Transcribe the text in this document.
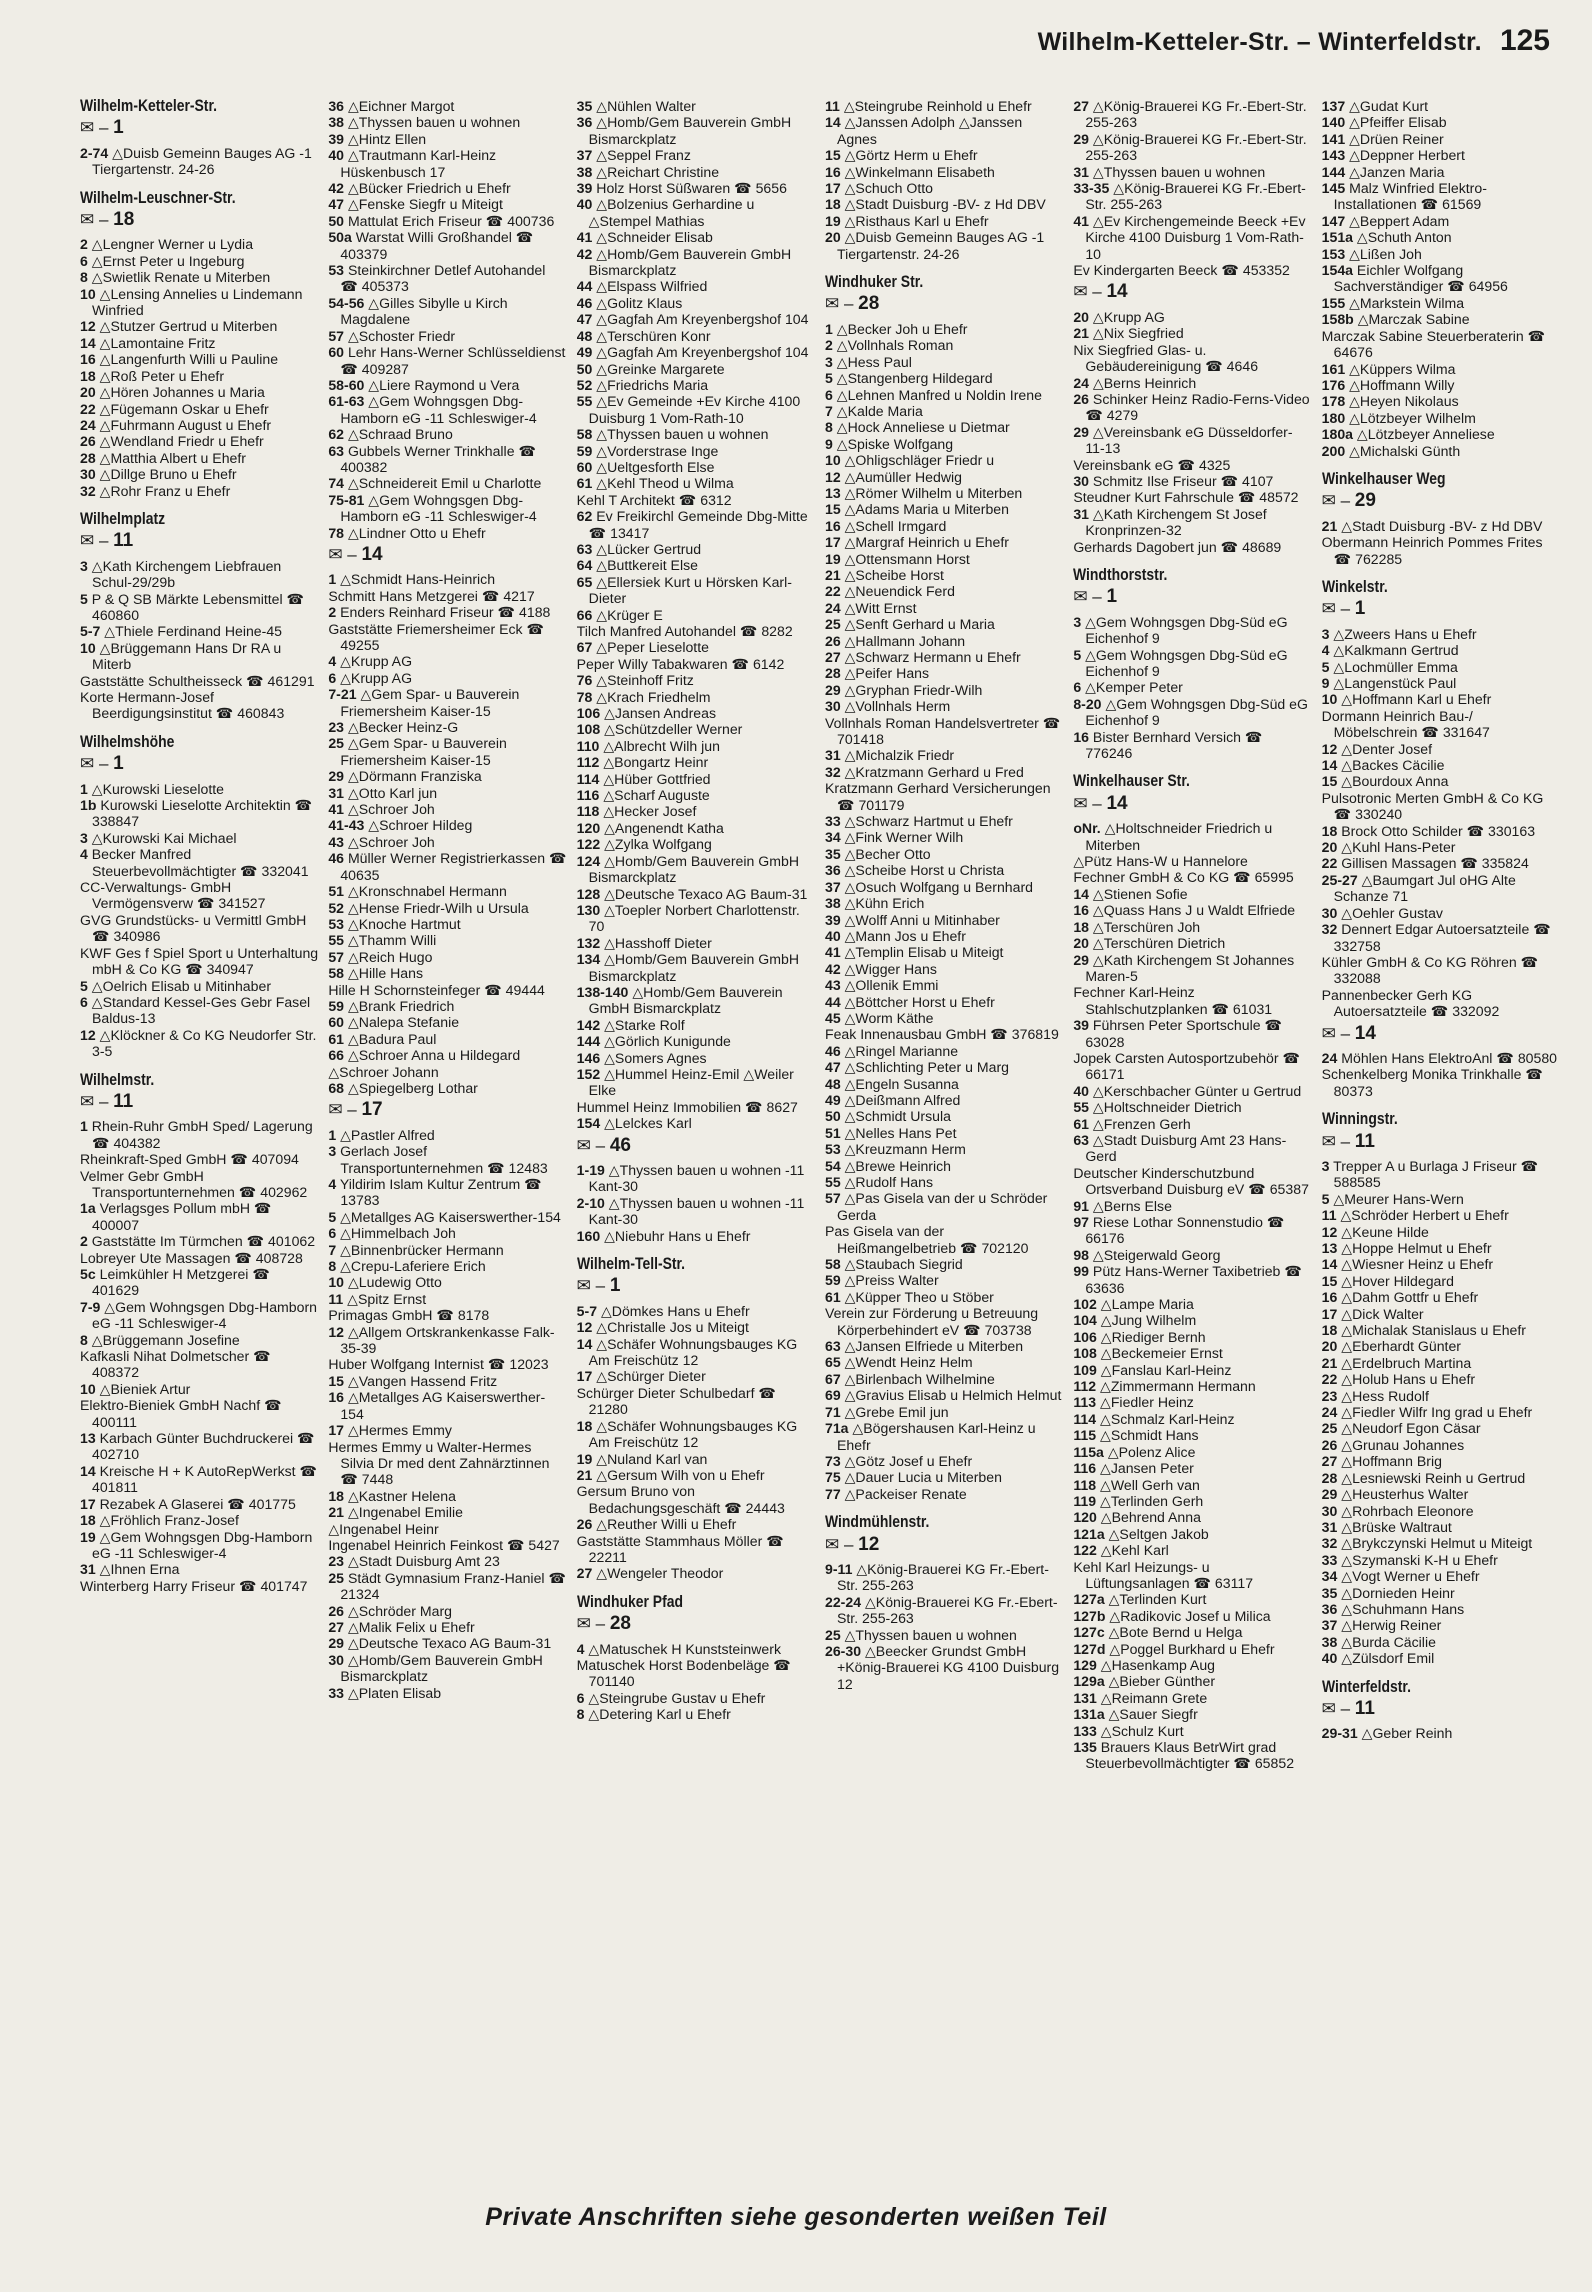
Wilhelm-Ketteler-Str. – Winterfeldstr. 125
Wilhelm-Ketteler-Str.
✉ – 1
2-74 △Duisb Gemeinn Bauges AG -1 Tiergartenstr. 24-26
Wilhelm-Leuschner-Str.
✉ – 18
2 △Lengner Werner u Lydia
6 △Ernst Peter u Ingeburg
8 △Swietlik Renate u Miterben
10 △Lensing Annelies u Lindemann Winfried
12 △Stutzer Gertrud u Miterben
14 △Lamontaine Fritz
16 △Langenfurth Willi u Pauline
18 △Roß Peter u Ehefr
20 △Hören Johannes u Maria
22 △Fügemann Oskar u Ehefr
24 △Fuhrmann August u Ehefr
26 △Wendland Friedr u Ehefr
28 △Matthia Albert u Ehefr
30 △Dillge Bruno u Ehefr
32 △Rohr Franz u Ehefr
Wilhelmplatz
✉ – 11
3 △Kath Kirchengem Liebfrauen Schul-29/29b
5 P & Q SB Märkte Lebensmittel ☎ 460860
5-7 △Thiele Ferdinand Heine-45
10 △Brüggemann Hans Dr RA u Miterb
Gaststätte Schultheisseck ☎ 461291
Korte Hermann-Josef Beerdigungsinstitut ☎ 460843
Wilhelmshöhe
✉ – 1
1 △Kurowski Lieselotte
1b Kurowski Lieselotte Architektin ☎ 338847
3 △Kurowski Kai Michael
4 Becker Manfred Steuerbevollmächtigter ☎ 332041
CC-Verwaltungs- GmbH Vermögensverw ☎ 341527
GVG Grundstücks- u Vermittl GmbH ☎ 340986
KWF Ges f Spiel Sport u Unterhaltung mbH & Co KG ☎ 340947
5 △Oelrich Elisab u Mitinhaber
6 △Standard Kessel-Ges Gebr Fasel Baldus-13
12 △Klöckner & Co KG Neudorfer Str. 3-5
Wilhelmstr.
✉ – 11
1 Rhein-Ruhr GmbH Sped/ Lagerung ☎ 404382
Rheinkraft-Sped GmbH ☎ 407094
Velmer Gebr GmbH Transportunternehmen ☎ 402962
1a Verlagsges Pollum mbH ☎ 400007
2 Gaststätte Im Türmchen ☎ 401062
Lobreyer Ute Massagen ☎ 408728
5c Leimkühler H Metzgerei ☎ 401629
7-9 △Gem Wohngsgen Dbg-Hamborn eG -11 Schleswiger-4
8 △Brüggemann Josefine
Kafkasli Nihat Dolmetscher ☎ 408372
10 △Bieniek Artur
Elektro-Bieniek GmbH Nachf ☎ 400111
13 Karbach Günter Buchdruckerei ☎ 402710
14 Kreische H + K AutoRepWerkst ☎ 401811
17 Rezabek A Glaserei ☎ 401775
18 △Fröhlich Franz-Josef
19 △Gem Wohngsgen Dbg-Hamborn eG -11 Schleswiger-4
31 △Ihnen Erna
Winterberg Harry Friseur ☎ 401747
36 △Eichner Margot
38 △Thyssen bauen u wohnen
39 △Hintz Ellen
40 △Trautmann Karl-Heinz Hüskenbusch 17
42 △Bücker Friedrich u Ehefr
47 △Fenske Siegfr u Miteigt
50 Mattulat Erich Friseur ☎ 400736
50a Warstat Willi Großhandel ☎ 403379
53 Steinkirchner Detlef Autohandel ☎ 405373
54-56 △Gilles Sibylle u Kirch Magdalene
57 △Schoster Friedr
60 Lehr Hans-Werner Schlüsseldienst ☎ 409287
58-60 △Liere Raymond u Vera
61-63 △Gem Wohngsgen Dbg-Hamborn eG -11 Schleswiger-4
62 △Schraad Bruno
63 Gubbels Werner Trinkhalle ☎ 400382
74 △Schneidereit Emil u Charlotte
75-81 △Gem Wohngsgen Dbg-Hamborn eG -11 Schleswiger-4
78 △Lindner Otto u Ehefr
✉ – 14
1 △Schmidt Hans-Heinrich
Schmitt Hans Metzgerei ☎ 4217
2 Enders Reinhard Friseur ☎ 4188
Gaststätte Friemersheimer Eck ☎ 49255
4 △Krupp AG
6 △Krupp AG
7-21 △Gem Spar- u Bauverein Friemersheim Kaiser-15
23 △Becker Heinz-G
25 △Gem Spar- u Bauverein Friemersheim Kaiser-15
29 △Dörmann Franziska
31 △Otto Karl jun
41 △Schroer Joh
41-43 △Schroer Hildeg
43 △Schroer Joh
46 Müller Werner Registrierkassen ☎ 40635
51 △Kronschnabel Hermann
52 △Hense Friedr-Wilh u Ursula
53 △Knoche Hartmut
55 △Thamm Willi
57 △Reich Hugo
58 △Hille Hans
Hille H Schornsteinfeger ☎ 49444
59 △Brank Friedrich
60 △Nalepa Stefanie
61 △Badura Paul
66 △Schroer Anna u Hildegard
△Schroer Johann
68 △Spiegelberg Lothar
✉ – 17
1 △Pastler Alfred
3 Gerlach Josef Transportunternehmen ☎ 12483
4 Yildirim Islam Kultur Zentrum ☎ 13783
5 △Metallges AG Kaiserswerther-154
6 △Himmelbach Joh
7 △Binnenbrücker Hermann
8 △Crepu-Laferiere Erich
10 △Ludewig Otto
11 △Spitz Ernst
Primagas GmbH ☎ 8178
12 △Allgem Ortskrankenkasse Falk-35-39
Huber Wolfgang Internist ☎ 12023
15 △Vangen Hassend Fritz
16 △Metallges AG Kaiserswerther-154
17 △Hermes Emmy
Hermes Emmy u Walter-Hermes Silvia Dr med dent Zahnärztinnen ☎ 7448
18 △Kastner Helena
21 △Ingenabel Emilie
△Ingenabel Heinr
Ingenabel Heinrich Feinkost ☎ 5427
23 △Stadt Duisburg Amt 23
25 Städt Gymnasium Franz-Haniel ☎ 21324
26 △Schröder Marg
27 △Malik Felix u Ehefr
29 △Deutsche Texaco AG Baum-31
30 △Homb/Gem Bauverein GmbH Bismarckplatz
33 △Platen Elisab
35 △Nühlen Walter
36 △Homb/Gem Bauverein GmbH Bismarckplatz
37 △Seppel Franz
38 △Reichart Christine
39 Holz Horst Süßwaren ☎ 5656
40 △Bolzenius Gerhardine u △Stempel Mathias
41 △Schneider Elisab
42 △Homb/Gem Bauverein GmbH Bismarckplatz
44 △Elspass Wilfried
46 △Golitz Klaus
47 △Gagfah Am Kreyenbergshof 104
48 △Terschüren Konr
49 △Gagfah Am Kreyenbergshof 104
50 △Greinke Margarete
52 △Friedrichs Maria
55 △Ev Gemeinde +Ev Kirche 4100 Duisburg 1 Vom-Rath-10
58 △Thyssen bauen u wohnen
59 △Vorderstrase Inge
60 △Ueltgesforth Else
61 △Kehl Theod u Wilma
Kehl T Architekt ☎ 6312
62 Ev Freikirchl Gemeinde Dbg-Mitte ☎ 13417
63 △Lücker Gertrud
64 △Buttkereit Else
65 △Ellersiek Kurt u Hörsken Karl-Dieter
66 △Krüger E
Tilch Manfred Autohandel ☎ 8282
67 △Peper Lieselotte
Peper Willy Tabakwaren ☎ 6142
76 △Steinhoff Fritz
78 △Krach Friedhelm
106 △Jansen Andreas
108 △Schützdeller Werner
110 △Albrecht Wilh jun
112 △Bongartz Heinr
114 △Hüber Gottfried
116 △Scharf Auguste
118 △Hecker Josef
120 △Angenendt Katha
122 △Zylka Wolfgang
124 △Homb/Gem Bauverein GmbH Bismarckplatz
128 △Deutsche Texaco AG Baum-31
130 △Toepler Norbert Charlottenstr. 70
132 △Hasshoff Dieter
134 △Homb/Gem Bauverein GmbH Bismarckplatz
138-140 △Homb/Gem Bauverein GmbH Bismarckplatz
142 △Starke Rolf
144 △Görlich Kunigunde
146 △Somers Agnes
152 △Hummel Heinz-Emil △Weiler Elke
Hummel Heinz Immobilien ☎ 8627
154 △Lelckes Karl
✉ – 46
1-19 △Thyssen bauen u wohnen -11 Kant-30
2-10 △Thyssen bauen u wohnen -11 Kant-30
160 △Niebuhr Hans u Ehefr
Wilhelm-Tell-Str.
✉ – 1
5-7 △Dömkes Hans u Ehefr
12 △Christalle Jos u Miteigt
14 △Schäfer Wohnungsbauges KG Am Freischütz 12
17 △Schürger Dieter
Schürger Dieter Schulbedarf ☎ 21280
18 △Schäfer Wohnungsbauges KG Am Freischütz 12
19 △Nuland Karl van
21 △Gersum Wilh von u Ehefr
Gersum Bruno von Bedachungsgeschäft ☎ 24443
26 △Reuther Willi u Ehefr
Gaststätte Stammhaus Möller ☎ 22211
27 △Wengeler Theodor
Windhuker Pfad
✉ – 28
4 △Matuschek H Kunststeinwerk
Matuschek Horst Bodenbeläge ☎ 701140
6 △Steingrube Gustav u Ehefr
8 △Detering Karl u Ehefr
11 △Steingrube Reinhold u Ehefr
14 △Janssen Adolph △Janssen Agnes
15 △Görtz Herm u Ehefr
16 △Winkelmann Elisabeth
17 △Schuch Otto
18 △Stadt Duisburg -BV- z Hd DBV
19 △Risthaus Karl u Ehefr
20 △Duisb Gemeinn Bauges AG -1 Tiergartenstr. 24-26
Windhuker Str.
✉ – 28
1 △Becker Joh u Ehefr
2 △Vollnhals Roman
3 △Hess Paul
5 △Stangenberg Hildegard
6 △Lehnen Manfred u Noldin Irene
7 △Kalde Maria
8 △Hock Anneliese u Dietmar
9 △Spiske Wolfgang
10 △Ohligschläger Friedr u
12 △Aumüller Hedwig
13 △Römer Wilhelm u Miterben
15 △Adams Maria u Miterben
16 △Schell Irmgard
17 △Margraf Heinrich u Ehefr
19 △Ottensmann Horst
21 △Scheibe Horst
22 △Neuendick Ferd
24 △Witt Ernst
25 △Senft Gerhard u Maria
26 △Hallmann Johann
27 △Schwarz Hermann u Ehefr
28 △Peifer Hans
29 △Gryphan Friedr-Wilh
30 △Vollnhals Herm
Vollnhals Roman Handelsvertreter ☎ 701418
31 △Michalzik Friedr
32 △Kratzmann Gerhard u Fred
Kratzmann Gerhard Versicherungen ☎ 701179
33 △Schwarz Hartmut u Ehefr
34 △Fink Werner Wilh
35 △Becher Otto
36 △Scheibe Horst u Christa
37 △Osuch Wolfgang u Bernhard
38 △Kühn Erich
39 △Wolff Anni u Mitinhaber
40 △Mann Jos u Ehefr
41 △Templin Elisab u Miteigt
42 △Wigger Hans
43 △Ollenik Emmi
44 △Böttcher Horst u Ehefr
45 △Worm Käthe
Feak Innenausbau GmbH ☎ 376819
46 △Ringel Marianne
47 △Schlichting Peter u Marg
48 △Engeln Susanna
49 △Deißmann Alfred
50 △Schmidt Ursula
51 △Nelles Hans Pet
53 △Kreuzmann Herm
54 △Brewe Heinrich
55 △Rudolf Hans
57 △Pas Gisela van der u Schröder Gerda
Pas Gisela van der Heißmangelbetrieb ☎ 702120
58 △Staubach Siegrid
59 △Preiss Walter
61 △Küpper Theo u Stöber
Verein zur Förderung u Betreuung Körperbehindert eV ☎ 703738
63 △Jansen Elfriede u Miterben
65 △Wendt Heinz Helm
67 △Birlenbach Wilhelmine
69 △Gravius Elisab u Helmich Helmut
71 △Grebe Emil jun
71a △Bögershausen Karl-Heinz u Ehefr
73 △Götz Josef u Ehefr
75 △Dauer Lucia u Miterben
77 △Packeiser Renate
Windmühlenstr.
✉ – 12
9-11 △König-Brauerei KG Fr.-Ebert-Str. 255-263
22-24 △König-Brauerei KG Fr.-Ebert-Str. 255-263
25 △Thyssen bauen u wohnen
26-30 △Beecker Grundst GmbH +König-Brauerei KG 4100 Duisburg 12
27 △König-Brauerei KG Fr.-Ebert-Str. 255-263
29 △König-Brauerei KG Fr.-Ebert-Str. 255-263
31 △Thyssen bauen u wohnen
33-35 △König-Brauerei KG Fr.-Ebert-Str. 255-263
41 △Ev Kirchengemeinde Beeck +Ev Kirche 4100 Duisburg 1 Vom-Rath-10
Ev Kindergarten Beeck ☎ 453352
✉ – 14
20 △Krupp AG
21 △Nix Siegfried
Nix Siegfried Glas- u. Gebäudereinigung ☎ 4646
24 △Berns Heinrich
26 Schinker Heinz Radio-Ferns-Video ☎ 4279
29 △Vereinsbank eG Düsseldorfer-11-13
Vereinsbank eG ☎ 4325
30 Schmitz Ilse Friseur ☎ 4107
Steudner Kurt Fahrschule ☎ 48572
31 △Kath Kirchengem St Josef Kronprinzen-32
Gerhards Dagobert jun ☎ 48689
Windthorststr.
✉ – 1
3 △Gem Wohngsgen Dbg-Süd eG Eichenhof 9
5 △Gem Wohngsgen Dbg-Süd eG Eichenhof 9
6 △Kemper Peter
8-20 △Gem Wohngsgen Dbg-Süd eG Eichenhof 9
16 Bister Bernhard Versich ☎ 776246
Winkelhauser Str.
✉ – 14
oNr. △Holtschneider Friedrich u Miterben
△Pütz Hans-W u Hannelore
Fechner GmbH & Co KG ☎ 65995
14 △Stienen Sofie
16 △Quass Hans J u Waldt Elfriede
18 △Terschüren Joh
20 △Terschüren Dietrich
29 △Kath Kirchengem St Johannes Maren-5
Fechner Karl-Heinz Stahlschutzplanken ☎ 61031
39 Führsen Peter Sportschule ☎ 63028
Jopek Carsten Autosportzubehör ☎ 66171
40 △Kerschbacher Günter u Gertrud
55 △Holtschneider Dietrich
61 △Frenzen Gerh
63 △Stadt Duisburg Amt 23 Hans-Gerd
Deutscher Kinderschutzbund Ortsverband Duisburg eV ☎ 65387
91 △Berns Else
97 Riese Lothar Sonnenstudio ☎ 66176
98 △Steigerwald Georg
99 Pütz Hans-Werner Taxibetrieb ☎ 63636
102 △Lampe Maria
104 △Jung Wilhelm
106 △Riediger Bernh
108 △Beckemeier Ernst
109 △Fanslau Karl-Heinz
112 △Zimmermann Hermann
113 △Fiedler Heinz
114 △Schmalz Karl-Heinz
115 △Schmidt Hans
115a △Polenz Alice
116 △Jansen Peter
118 △Well Gerh van
119 △Terlinden Gerh
120 △Behrend Anna
121a △Seltgen Jakob
122 △Kehl Karl
Kehl Karl Heizungs- u Lüftungsanlagen ☎ 63117
127a △Terlinden Kurt
127b △Radikovic Josef u Milica
127c △Bote Bernd u Helga
127d △Poggel Burkhard u Ehefr
129 △Hasenkamp Aug
129a △Bieber Günther
131 △Reimann Grete
131a △Sauer Siegfr
133 △Schulz Kurt
135 Brauers Klaus BetrWirt grad Steuerbevollmächtigter ☎ 65852
137 △Gudat Kurt
140 △Pfeiffer Elisab
141 △Drüen Reiner
143 △Deppner Herbert
144 △Janzen Maria
145 Malz Winfried Elektro-Installationen ☎ 61569
147 △Beppert Adam
151a △Schuth Anton
153 △Lißen Joh
154a Eichler Wolfgang Sachverständiger ☎ 64956
155 △Markstein Wilma
158b △Marczak Sabine
Marczak Sabine Steuerberaterin ☎ 64676
161 △Küppers Wilma
176 △Hoffmann Willy
178 △Heyen Nikolaus
180 △Lötzbeyer Wilhelm
180a △Lötzbeyer Anneliese
200 △Michalski Günth
Winkelhauser Weg
✉ – 29
21 △Stadt Duisburg -BV- z Hd DBV
Obermann Heinrich Pommes Frites ☎ 762285
Winkelstr.
✉ – 1
3 △Zweers Hans u Ehefr
4 △Kalkmann Gertrud
5 △Lochmüller Emma
9 △Langenstück Paul
10 △Hoffmann Karl u Ehefr
Dormann Heinrich Bau-/ Möbelschrein ☎ 331647
12 △Denter Josef
14 △Backes Cäcilie
15 △Bourdoux Anna
Pulsotronic Merten GmbH & Co KG ☎ 330240
18 Brock Otto Schilder ☎ 330163
20 △Kuhl Hans-Peter
22 Gillisen Massagen ☎ 335824
25-27 △Baumgart Jul oHG Alte Schanze 71
30 △Oehler Gustav
32 Dennert Edgar Autoersatzteile ☎ 332758
Kühler GmbH & Co KG Röhren ☎ 332088
Pannenbecker Gerh KG Autoersatzteile ☎ 332092
✉ – 14
24 Möhlen Hans ElektroAnl ☎ 80580
Schenkelberg Monika Trinkhalle ☎ 80373
Winningstr.
✉ – 11
3 Trepper A u Burlaga J Friseur ☎ 588585
5 △Meurer Hans-Wern
11 △Schröder Herbert u Ehefr
12 △Keune Hilde
13 △Hoppe Helmut u Ehefr
14 △Wiesner Heinz u Ehefr
15 △Hover Hildegard
16 △Dahm Gottfr u Ehefr
17 △Dick Walter
18 △Michalak Stanislaus u Ehefr
20 △Eberhardt Günter
21 △Erdelbruch Martina
22 △Holub Hans u Ehefr
23 △Hess Rudolf
24 △Fiedler Wilfr Ing grad u Ehefr
25 △Neudorf Egon Cäsar
26 △Grunau Johannes
27 △Hoffmann Brig
28 △Lesniewski Reinh u Gertrud
29 △Heusterhus Walter
30 △Rohrbach Eleonore
31 △Brüske Waltraut
32 △Brykczynski Helmut u Miteigt
33 △Szymanski K-H u Ehefr
34 △Vogt Werner u Ehefr
35 △Dornieden Heinr
36 △Schuhmann Hans
37 △Herwig Reiner
38 △Burda Cäcilie
40 △Zülsdorf Emil
Winterfeldstr.
✉ – 11
29-31 △Geber Reinh
Private Anschriften siehe gesonderten weißen Teil
